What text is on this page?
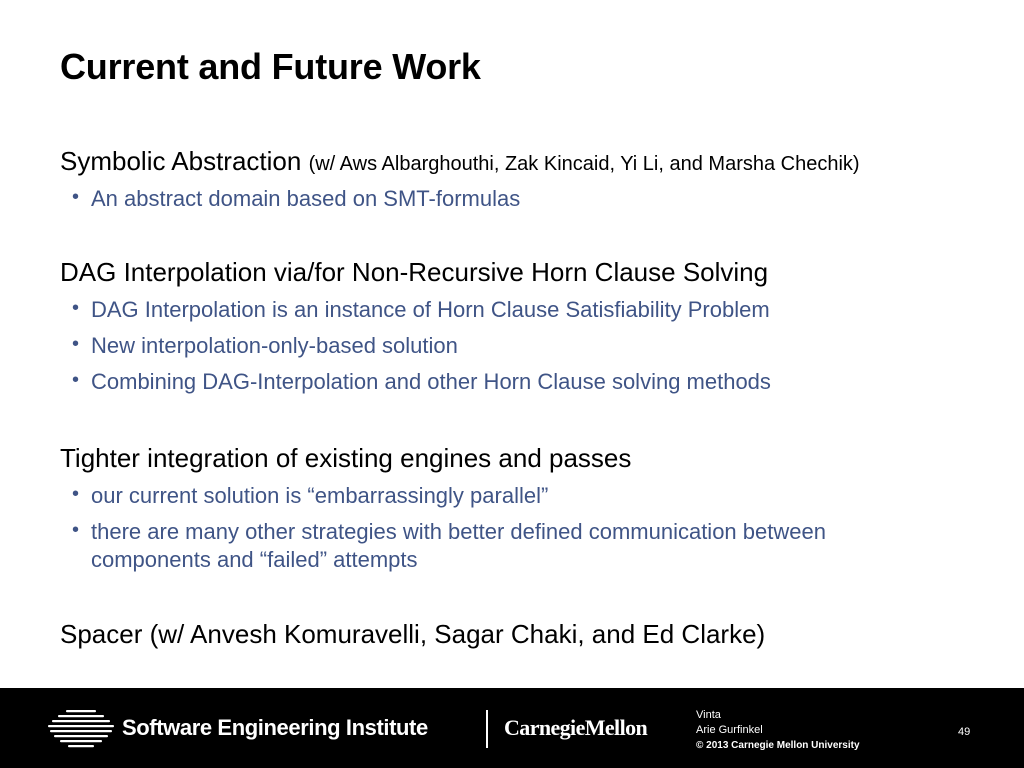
Current and Future Work
Symbolic Abstraction (w/ Aws Albarghouthi, Zak Kincaid, Yi Li, and Marsha Chechik)
• An abstract domain based on SMT-formulas
DAG Interpolation via/for Non-Recursive Horn Clause Solving
• DAG Interpolation is an instance of Horn Clause Satisfiability Problem
• New interpolation-only-based solution
• Combining DAG-Interpolation and other Horn Clause solving methods
Tighter integration of existing engines and passes
• our current solution is “embarrassingly parallel”
• there are many other strategies with better defined communication between
components and “failed” attempts
Spacer (w/ Anvesh Komuravelli, Sagar Chaki, and Ed Clarke)
Software Engineering Institute	CarnegieMellon	Vinta
Arie Gurfinkel
© 2013 Carnegie Mellon University
49
